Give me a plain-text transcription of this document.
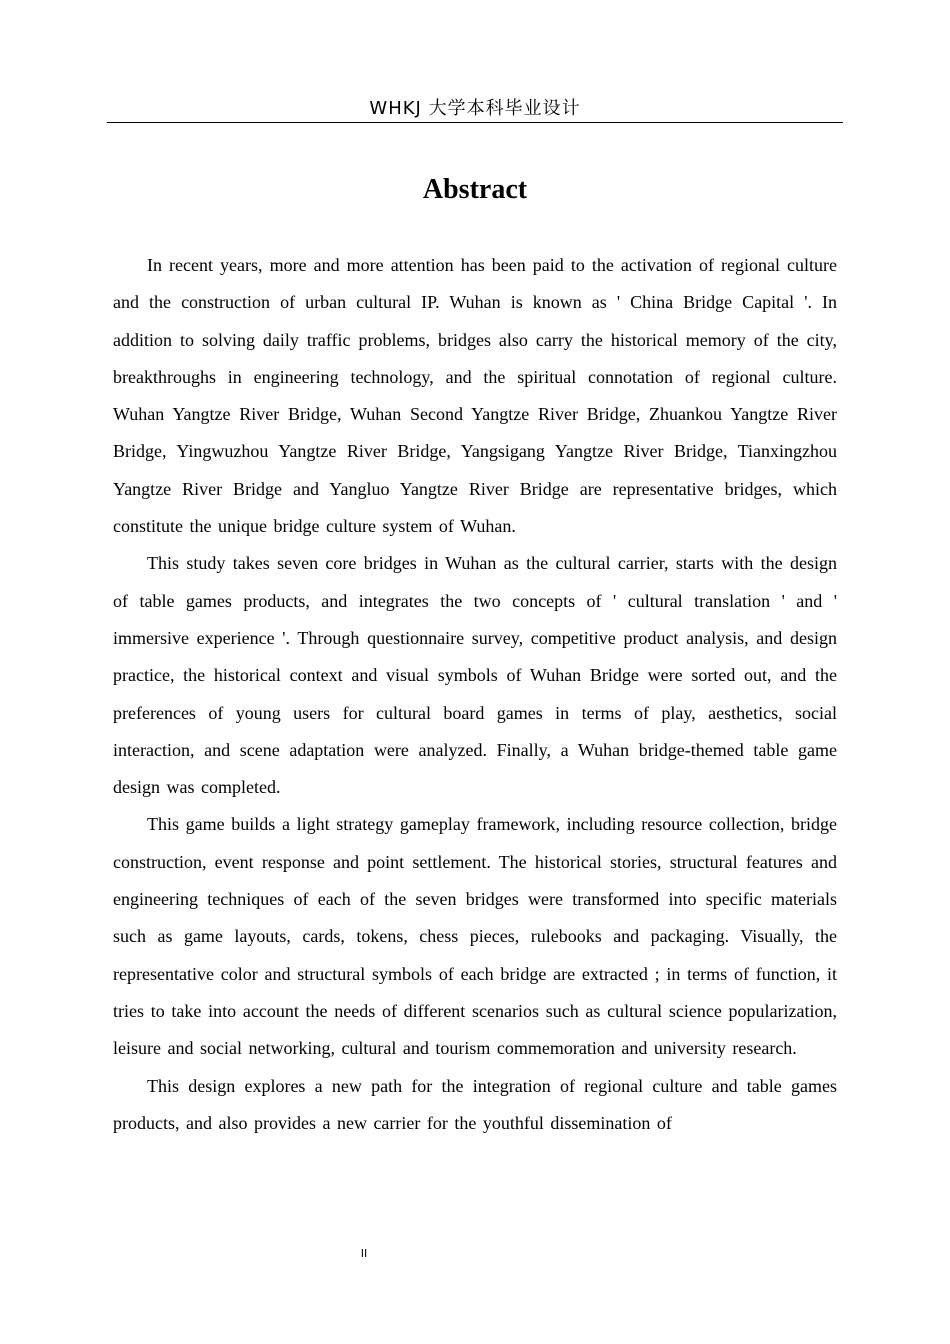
WHKJ 大学本科毕业设计
Abstract

In recent years, more and more attention has been paid to the activation of regional culture and the construction of urban cultural IP. Wuhan is known as ' China Bridge Capital '. In addition to solving daily traffic problems, bridges also carry the historical memory of the city, breakthroughs in engineering technology, and the spiritual connotation of regional culture. Wuhan Yangtze River Bridge, Wuhan Second Yangtze River Bridge, Zhuankou Yangtze River Bridge, Yingwuzhou Yangtze River Bridge, Yangsigang Yangtze River Bridge, Tianxingzhou Yangtze River Bridge and Yangluo Yangtze River Bridge are representative bridges, which constitute the unique bridge culture system of Wuhan.

This study takes seven core bridges in Wuhan as the cultural carrier, starts with the design of table games products, and integrates the two concepts of ' cultural translation ' and ' immersive experience '. Through questionnaire survey, competitive product analysis, and design practice, the historical context and visual symbols of Wuhan Bridge were sorted out, and the preferences of young users for cultural board games in terms of play, aesthetics, social interaction, and scene adaptation were analyzed. Finally, a Wuhan bridge-themed table game design was completed.

This game builds a light strategy gameplay framework, including resource collection, bridge construction, event response and point settlement. The historical stories, structural features and engineering techniques of each of the seven bridges were transformed into specific materials such as game layouts, cards, tokens, chess pieces, rulebooks and packaging. Visually, the representative color and structural symbols of each bridge are extracted ; in terms of function, it tries to take into account the needs of different scenarios such as cultural science popularization, leisure and social networking, cultural and tourism commemoration and university research.

This design explores a new path for the integration of regional culture and table games products, and also provides a new carrier for the youthful dissemination of

II
